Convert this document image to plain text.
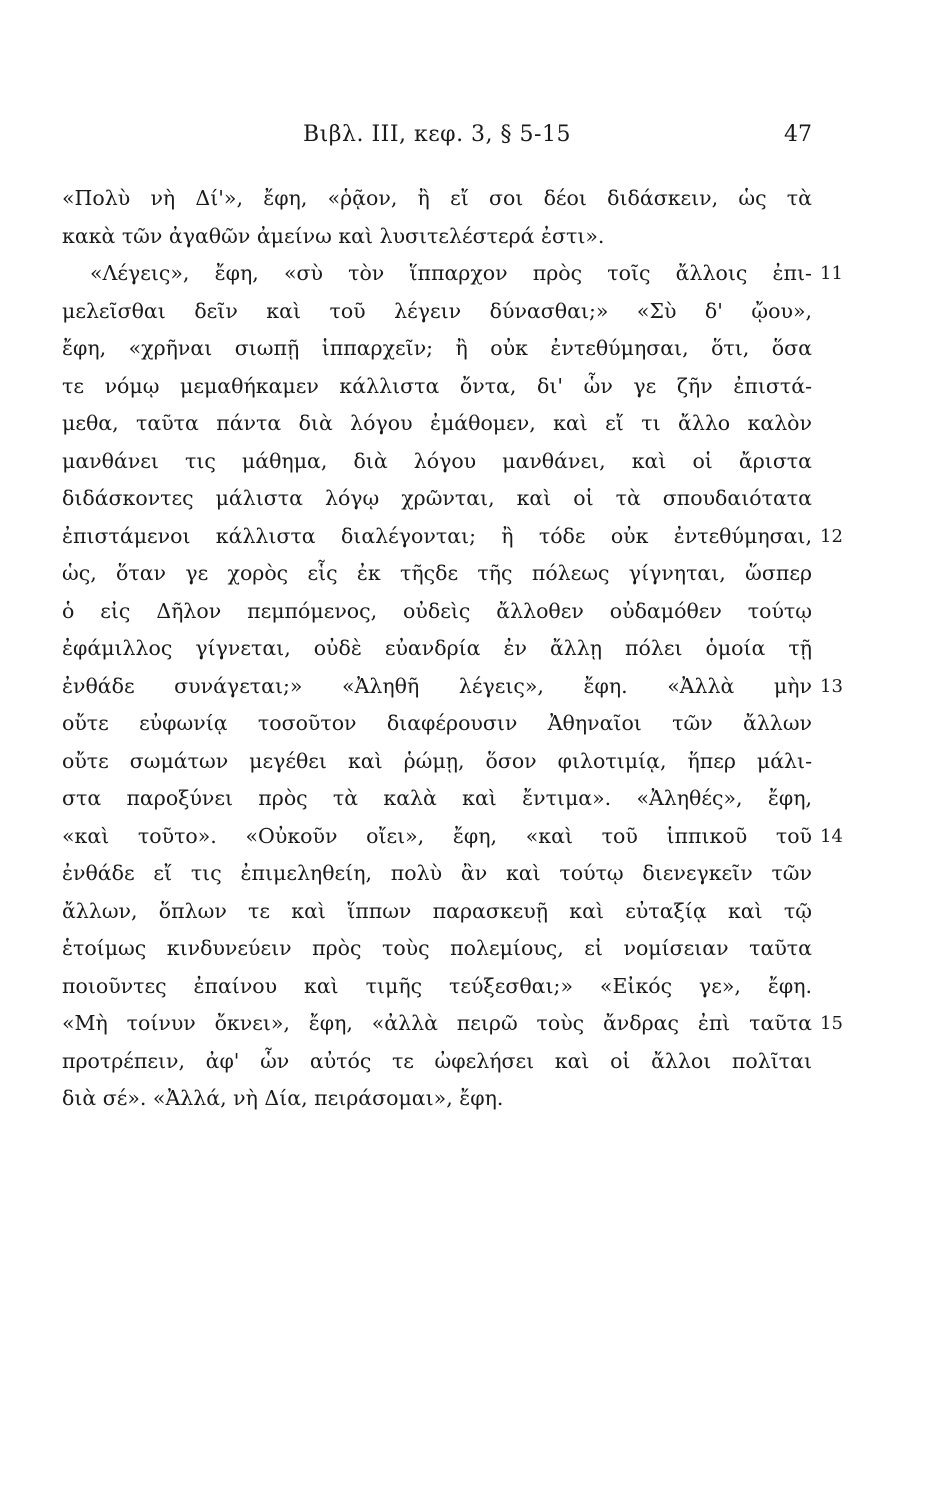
Βιβλ. III, κεφ. 3, § 5-15	47
«Πολὺ νὴ Δί'», ἔφη, «ῥᾷον, ἢ εἴ σοι δέοι διδάσκειν, ὡς τὰ
κακὰ τῶν ἀγαθῶν ἀμείνω καὶ λυσιτελέστερά ἐστι».
«Λέγεις», ἔφη, «σὺ τὸν ἵππαρχον πρὸς τοῖς ἄλλοις ἐπι- 11
μελεῖσθαι δεῖν καὶ τοῦ λέγειν δύνασθαι;» «Σὺ δ' ᾤου»,
ἔφη, «χρῆναι σιωπῇ ἱππαρχεῖν; ἢ οὐκ ἐντεθύμησαι, ὅτι, ὅσα
τε νόμῳ μεμαθήκαμεν κάλλιστα ὄντα, δι' ὧν γε ζῆν ἐπιστά-
μεθα, ταῦτα πάντα διὰ λόγου ἐμάθομεν, καὶ εἴ τι ἄλλο καλὸν
μανθάνει τις μάθημα, διὰ λόγου μανθάνει, καὶ οἱ ἄριστα
διδάσκοντες μάλιστα λόγῳ χρῶνται, καὶ οἱ τὰ σπουδαιότατα
ἐπιστάμενοι κάλλιστα διαλέγονται; ἢ τόδε οὐκ ἐντεθύμησαι, 12
ὡς, ὅταν γε χορὸς εἷς ἐκ τῆςδε τῆς πόλεως γίγνηται, ὥσπερ
ὁ εἰς Δῆλον πεμπόμενος, οὐδεὶς ἄλλοθεν οὐδαμόθεν τούτῳ
ἐφάμιλλος γίγνεται, οὐδὲ εὐανδρία ἐν ἄλλῃ πόλει ὁμοία τῇ
ἐνθάδε συνάγεται;» «Ἀληθῆ λέγεις», ἔφη. «Ἀλλὰ μὴν 13
οὔτε εὐφωνίᾳ τοσοῦτον διαφέρουσιν Ἀθηναῖοι τῶν ἄλλων
οὔτε σωμάτων μεγέθει καὶ ῥώμῃ, ὅσον φιλοτιμίᾳ, ἥπερ μάλι-
στα παροξύνει πρὸς τὰ καλὰ καὶ ἔντιμα». «Ἀληθές», ἔφη,
«καὶ τοῦτο». «Οὐκοῦν οἴει», ἔφη, «καὶ τοῦ ἱππικοῦ τοῦ 14
ἐνθάδε εἴ τις ἐπιμεληθείη, πολὺ ἂν καὶ τούτῳ διενεγκεῖν τῶν
ἄλλων, ὅπλων τε καὶ ἵππων παρασκευῇ καὶ εὐταξίᾳ καὶ τῷ
ἑτοίμως κινδυνεύειν πρὸς τοὺς πολεμίους, εἰ νομίσειαν ταῦτα
ποιοῦντες ἐπαίνου καὶ τιμῆς τεύξεσθαι;» «Εἰκός γε», ἔφη.
«Μὴ τοίνυν ὄκνει», ἔφη, «ἀλλὰ πειρῶ τοὺς ἄνδρας ἐπὶ ταῦτα 15
προτρέπειν, ἀφ' ὧν αὐτός τε ὠφελήσει καὶ οἱ ἄλλοι πολῖται
διὰ σέ». «Ἀλλά, νὴ Δία, πειράσομαι», ἔφη.
